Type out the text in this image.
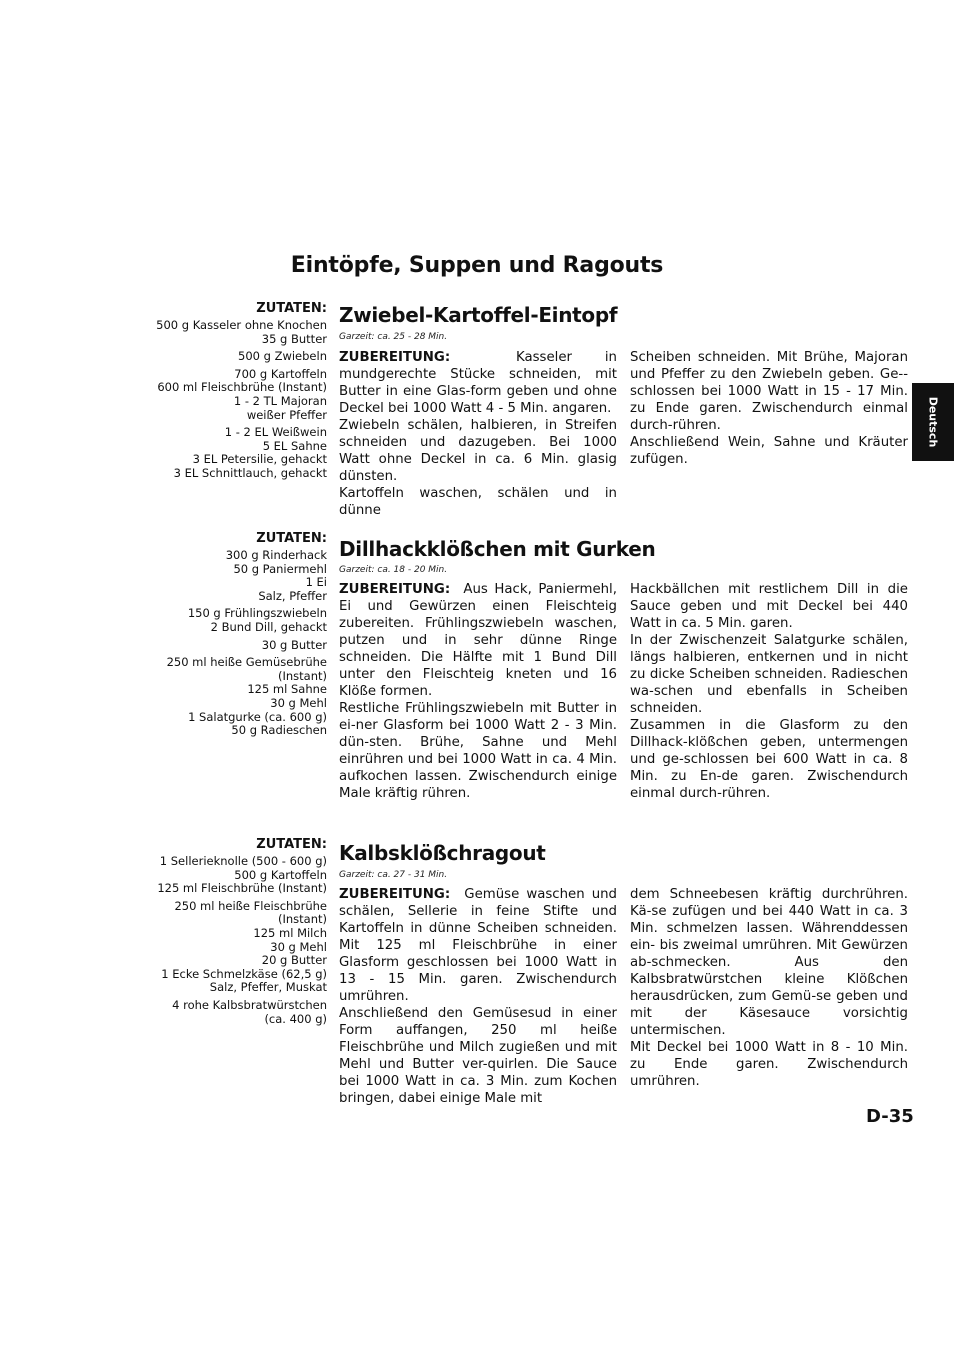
Eintöpfe, Suppen und Ragouts
Deutsch
ZUTATEN:
500 g Kasseler ohne Knochen
35 g Butter
500 g Zwiebeln
700 g Kartoffeln
600 ml Fleischbrühe (Instant)
1 - 2 TL Majoran
weißer Pfeffer
1 - 2 EL Weißwein
5 EL Sahne
3 EL Petersilie, gehackt
3 EL Schnittlauch, gehackt
Zwiebel-Kartoffel-Eintopf
Garzeit: ca. 25 - 28 Min.

ZUBEREITUNG:	Kasseler in mundgerechte Stücke schneiden, mit Butter in eine Glas-form geben und ohne Deckel bei 1000 Watt 4 - 5 Min. angaren.

Zwiebeln schälen, halbieren, in Streifen schneiden und dazugeben. Bei 1000 Watt ohne Deckel in ca. 6 Min. glasig dünsten.

Kartoffeln waschen, schälen und in dünne

Scheiben schneiden. Mit Brühe, Majoran und Pfeffer zu den Zwiebeln geben. Ge-schlossen bei 1000 Watt in 15 - 17 Min. zu Ende garen. Zwischendurch einmal durch-rühren.

Anschließend Wein, Sahne und Kräuter zufügen.

ZUTATEN:
300 g Rinderhack
50 g Paniermehl
1 Ei
Salz, Pfeffer
150 g Frühlingszwiebeln
2 Bund Dill, gehackt
30 g Butter
250 ml heiße Gemüsebrühe
(Instant)
125 ml Sahne
30 g Mehl
1 Salatgurke (ca. 600 g)
50 g Radieschen
Dillhackklößchen mit Gurken
Garzeit: ca. 18 - 20 Min.

ZUBEREITUNG: Aus Hack, Paniermehl, Ei und Gewürzen einen Fleischteig zubereiten. Frühlingszwiebeln waschen, putzen und in sehr dünne Ringe schneiden. Die Hälfte mit 1 Bund Dill unter den Fleischteig kneten und 16 Klöße formen.

Restliche Frühlingszwiebeln mit Butter in ei-ner Glasform bei 1000 Watt 2 - 3 Min. dün-sten. Brühe, Sahne und Mehl einrühren und bei 1000 Watt in ca. 4 Min. aufkochen lassen. Zwischendurch einige Male kräftig rühren.

Hackbällchen mit restlichem Dill in die Sauce geben und mit Deckel bei 440 Watt in ca. 5 Min. garen.

In der Zwischenzeit Salatgurke schälen, längs halbieren, entkernen und in nicht zu dicke Scheiben schneiden. Radieschen wa-schen und ebenfalls in Scheiben schneiden.

Zusammen in die Glasform zu den Dillhack-klößchen geben, untermengen und ge-schlossen bei 600 Watt in ca. 8 Min. zu En-de garen. Zwischendurch einmal durch-rühren.

ZUTATEN:
1 Sellerieknolle (500 - 600 g)
500 g Kartoffeln
125 ml Fleischbrühe (Instant)
250 ml heiße Fleischbrühe
(Instant)
125 ml Milch
30 g Mehl
20 g Butter
1 Ecke Schmelzkäse (62,5 g)
Salz, Pfeffer, Muskat
4 rohe Kalbsbratwürstchen
(ca. 400 g)
Kalbsklößchragout
Garzeit: ca. 27 - 31 Min.

ZUBEREITUNG: Gemüse waschen und schälen, Sellerie in feine Stifte und Kartoffeln in dünne Scheiben schneiden. Mit 125 ml Fleischbrühe in einer Glasform geschlossen bei 1000 Watt in 13 - 15 Min. garen. Zwischendurch umrühren.

Anschließend den Gemüsesud in einer Form auffangen, 250 ml heiße Fleischbrühe und Milch zugießen und mit Mehl und Butter ver-quirlen. Die Sauce bei 1000 Watt in ca. 3 Min. zum Kochen bringen, dabei einige Male mit

dem Schneebesen kräftig durchrühren. Kä-se zufügen und bei 440 Watt in ca. 3 Min. schmelzen lassen. Währenddessen ein- bis zweimal umrühren. Mit Gewürzen ab-schmecken. Aus den Kalbsbratwürstchen kleine Klößchen herausdrücken, zum Gemü-se geben und mit der Käsesauce vorsichtig untermischen.

Mit Deckel bei 1000 Watt in 8 - 10 Min. zu Ende garen. Zwischendurch umrühren.

D-35
